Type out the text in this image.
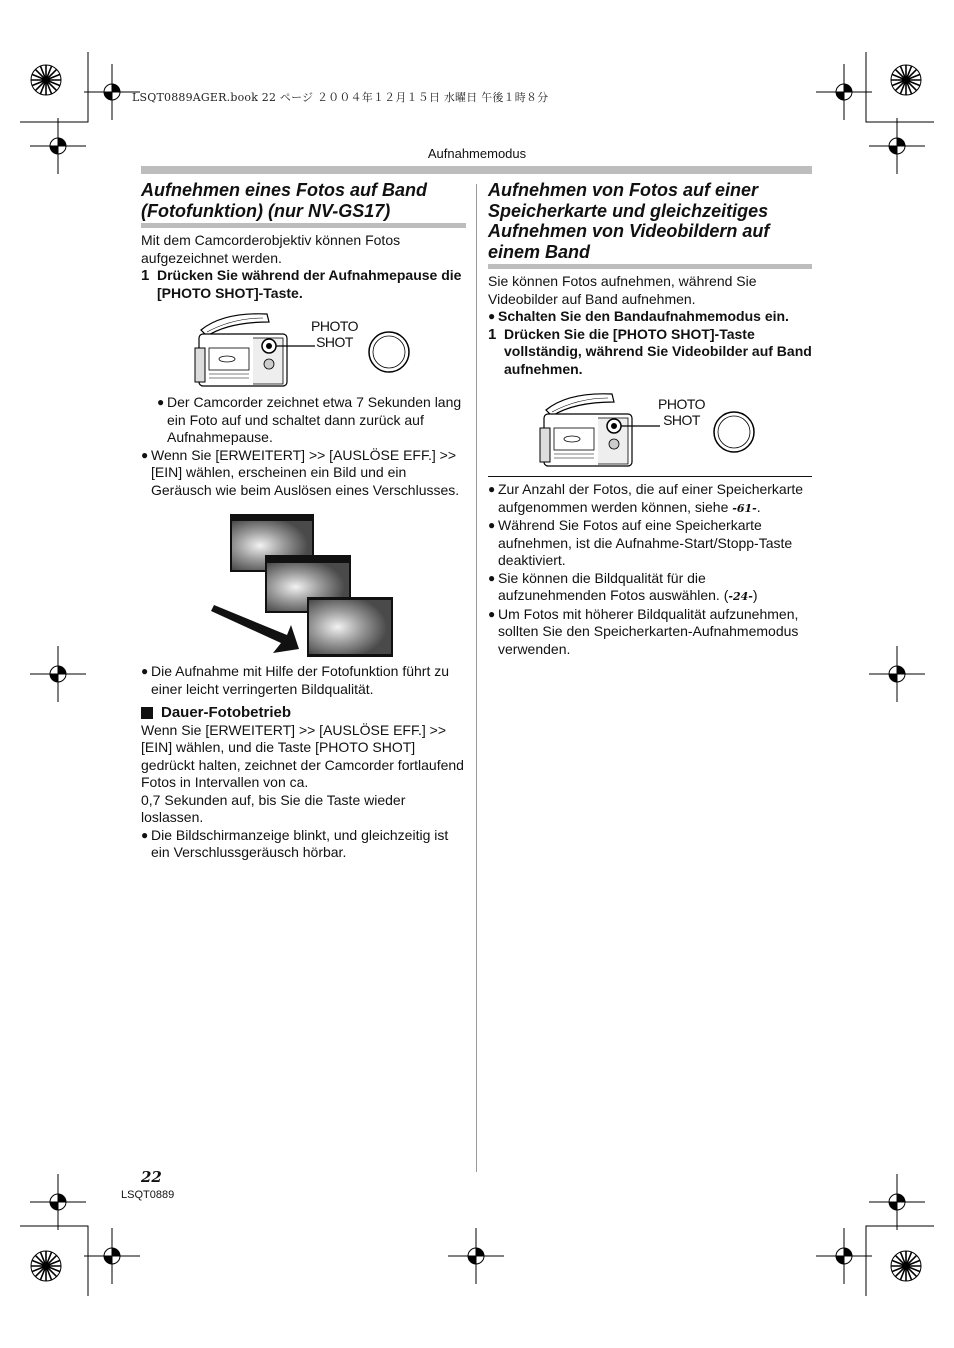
LSQT0889AGER.book 22 ページ ２００４年１２月１５日 水曜日 午後１時８分
Aufnahmemodus
Aufnehmen eines Fotos auf Band (Fotofunktion) (nur NV-GS17)

Mit dem Camcorderobjektiv können Fotos aufgezeichnet werden.

1 Drücken Sie während der Aufnahmepause die [PHOTO SHOT]-Taste.
PHOTO
SHOT
● Der Camcorder zeichnet etwa 7 Sekunden lang ein Foto auf und schaltet dann zurück auf Aufnahmepause.
● Wenn Sie [ERWEITERT] >> [AUSLÖSE EFF.] >> [EIN] wählen, erscheinen ein Bild und ein Geräusch wie beim Auslösen eines Verschlusses.
● Die Aufnahme mit Hilfe der Fotofunktion führt zu einer leicht verringerten Bildqualität.
Dauer-Fotobetrieb

Wenn Sie [ERWEITERT] >> [AUSLÖSE EFF.] >> [EIN] wählen, und die Taste [PHOTO SHOT] gedrückt halten, zeichnet der Camcorder fortlaufend Fotos in Intervallen von ca.

0,7 Sekunden auf, bis Sie die Taste wieder loslassen.

● Die Bildschirmanzeige blinkt, und gleichzeitig ist ein Verschlussgeräusch hörbar.
Aufnehmen von Fotos auf einer Speicherkarte und gleichzeitiges Aufnehmen von Videobildern auf einem Band

Sie können Fotos aufnehmen, während Sie Videobilder auf Band aufnehmen.

● Schalten Sie den Bandaufnahmemodus ein.
1 Drücken Sie die [PHOTO SHOT]-Taste vollständig, während Sie Videobilder auf Band aufnehmen.
PHOTO
SHOT
● Zur Anzahl der Fotos, die auf einer Speicherkarte aufgenommen werden können, siehe -61-.
● Während Sie Fotos auf eine Speicherkarte aufnehmen, ist die Aufnahme-Start/Stopp-Taste deaktiviert.
● Sie können die Bildqualität für die aufzunehmenden Fotos auswählen. (-24-)
● Um Fotos mit höherer Bildqualität aufzunehmen, sollten Sie den Speicherkarten-Aufnahmemodus verwenden.
22
LSQT0889
